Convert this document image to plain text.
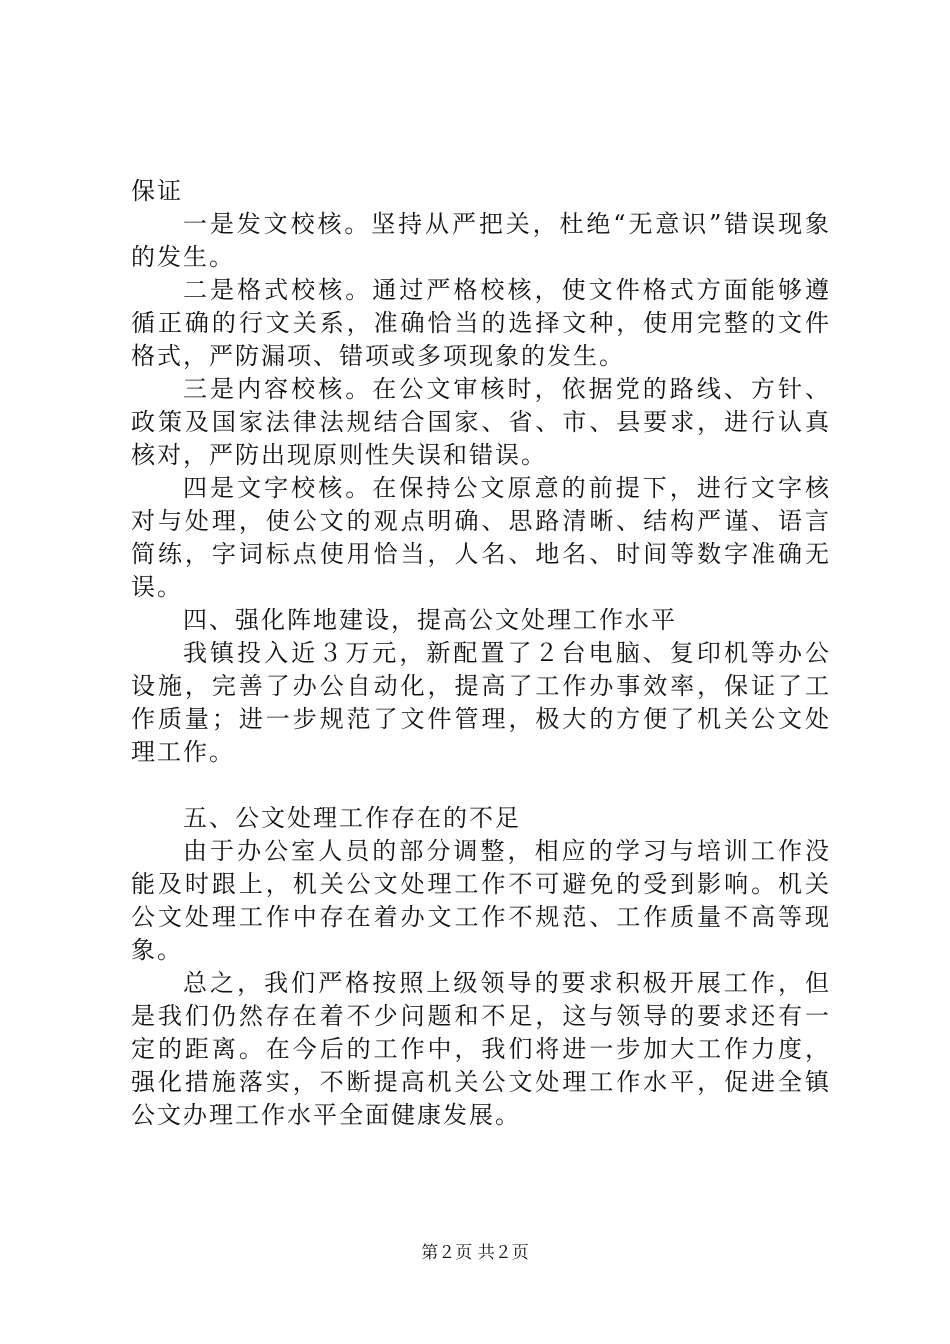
保证

一是发文校核。坚持从严把关，杜绝“无意识”错误现象的发生。

二是格式校核。通过严格校核，使文件格式方面能够遵循正确的行文关系，准确恰当的选择文种，使用完整的文件格式，严防漏项、错项或多项现象的发生。

三是内容校核。在公文审核时，依据党的路线、方针、政策及国家法律法规结合国家、省、市、县要求，进行认真核对，严防出现原则性失误和错误。

四是文字校核。在保持公文原意的前提下，进行文字核对与处理，使公文的观点明确、思路清晰、结构严谨、语言简练，字词标点使用恰当，人名、地名、时间等数字准确无误。

四、强化阵地建设，提高公文处理工作水平

我镇投入近３万元，新配置了２台电脑、复印机等办公设施，完善了办公自动化，提高了工作办事效率，保证了工作质量；进一步规范了文件管理，极大的方便了机关公文处理工作。

五、公文处理工作存在的不足

由于办公室人员的部分调整，相应的学习与培训工作没能及时跟上，机关公文处理工作不可避免的受到影响。机关公文处理工作中存在着办文工作不规范、工作质量不高等现象。

总之，我们严格按照上级领导的要求积极开展工作，但是我们仍然存在着不少问题和不足，这与领导的要求还有一定的距离。在今后的工作中，我们将进一步加大工作力度，强化措施落实，不断提高机关公文处理工作水平，促进全镇公文办理工作水平全面健康发展。

第２页 共２页
